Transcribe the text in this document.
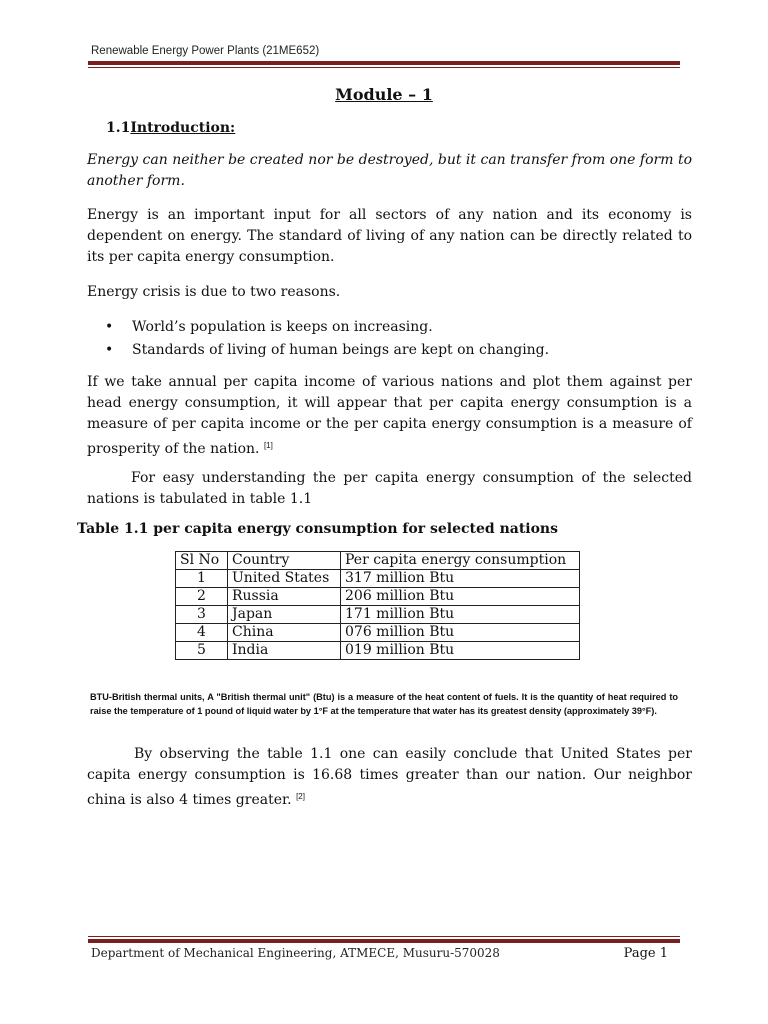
Renewable Energy Power Plants (21ME652)
Module – 1
1.1Introduction:
Energy can neither be created nor be destroyed, but it can transfer from one form to another form.
Energy is an important input for all sectors of any nation and its economy is dependent on energy. The standard of living of any nation can be directly related to its per capita energy consumption.
Energy crisis is due to two reasons.
• World’s population is keeps on increasing.
• Standards of living of human beings are kept on changing.
If we take annual per capita income of various nations and plot them against per head energy consumption, it will appear that per capita energy consumption is a measure of per capita income or the per capita energy consumption is a measure of prosperity of the nation. [1]
For easy understanding the per capita energy consumption of the selected nations is tabulated in table 1.1
Table 1.1 per capita energy consumption for selected nations
Sl No	Country	Per capita energy consumption
1	United States	317 million Btu
2	Russia	206 million Btu
3	Japan	171 million Btu
4	China	076 million Btu
5	India	019 million Btu
BTU-British thermal units, A "British thermal unit" (Btu) is a measure of the heat content of fuels. It is the quantity of heat required to raise the temperature of 1 pound of liquid water by 1°F at the temperature that water has its greatest density (approximately 39°F).
By observing the table 1.1 one can easily conclude that United States per capita energy consumption is 16.68 times greater than our nation. Our neighbor china is also 4 times greater. [2]
Department of Mechanical Engineering, ATMECE, Musuru-570028	Page 1
